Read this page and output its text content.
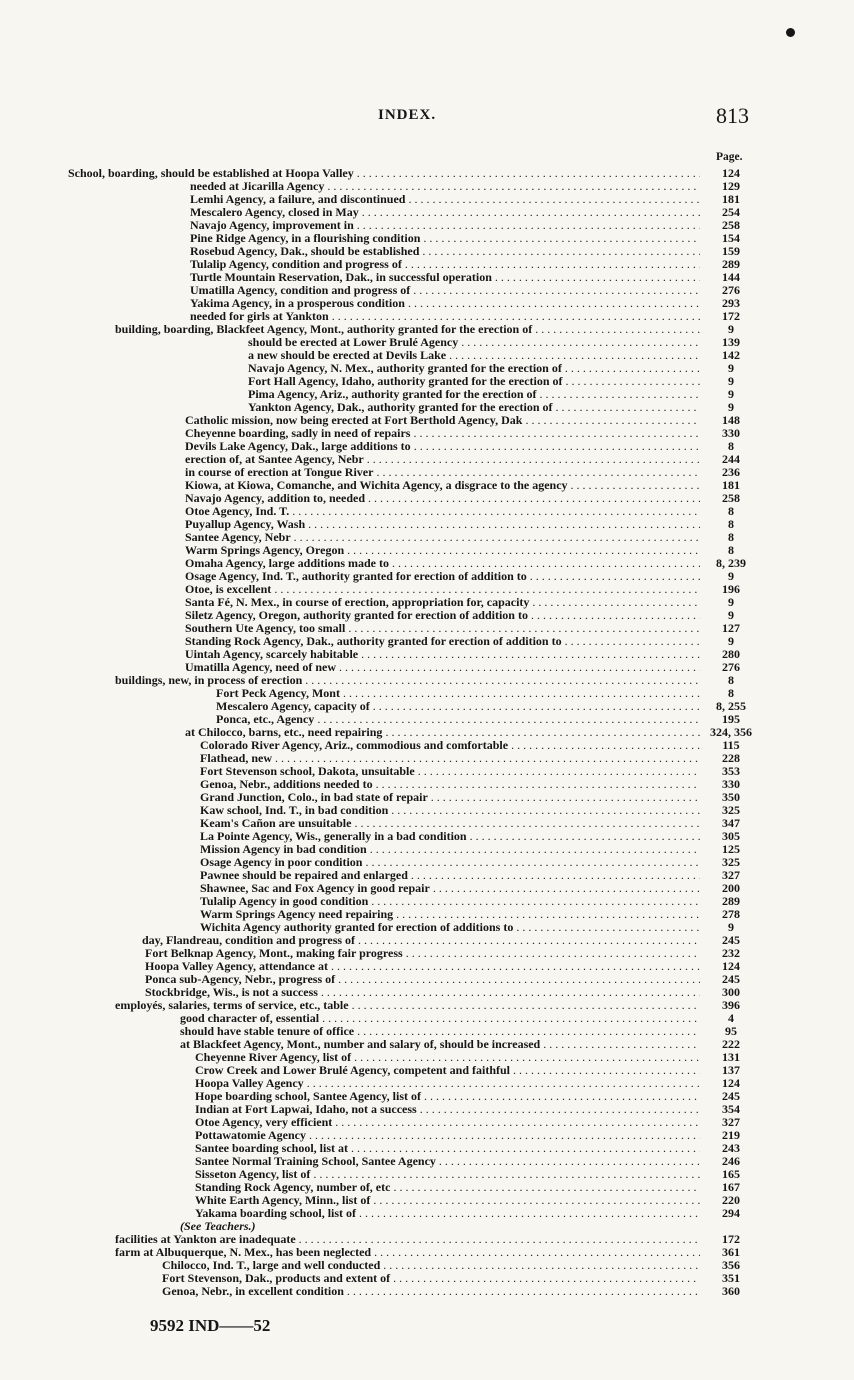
INDEX.	813
Page.
School, boarding, should be established at Hoopa Valley . . .	124
needed at Jicarilla Agency . . .	129
Lemhi Agency, a failure, and discontinued . . .	181
Mescalero Agency, closed in May . . .	254
Navajo Agency, improvement in . . .	258
Pine Ridge Agency, in a flourishing condition . . .	154
Rosebud Agency, Dak., should be established . . .	159
Tulalip Agency, condition and progress of . . .	289
Turtle Mountain Reservation, Dak., in successful operation . . .	144
Umatilla Agency, condition and progress of . . .	276
Yakima Agency, in a prosperous condition . . .	293
needed for girls at Yankton . . .	172
building, boarding, Blackfeet Agency, Mont., authority granted for the erection of . . .	9
should be erected at Lower Brulé Agency . . .	139
a new should be erected at Devils Lake . . .	142
Navajo Agency, N. Mex., authority granted for the erection of . . .	9
Fort Hall Agency, Idaho, authority granted for the erection of . . .	9
Pima Agency, Ariz., authority granted for the erection of . . .	9
Yankton Agency, Dak., authority granted for the erection of . . .	9
Catholic mission, now being erected at Fort Berthold Agency, Dak . . .	148
Cheyenne boarding, sadly in need of repairs . . .	330
Devils Lake Agency, Dak., large additions to . . .	8
erection of, at Santee Agency, Nebr . . .	244
in course of erection at Tongue River . . .	236
Kiowa, at Kiowa, Comanche, and Wichita Agency, a disgrace to the agency . . .	181
Navajo Agency, addition to, needed . . .	258
Otoe Agency, Ind. T. . . .	8
Puyallup Agency, Wash . . .	8
Santee Agency, Nebr . . .	8
Warm Springs Agency, Oregon . . .	8
Omaha Agency, large additions made to . . .	8, 239
Osage Agency, Ind. T., authority granted for erection of addition to . . .	9
Otoe, is excellent . . .	196
Santa Fé, N. Mex., in course of erection, appropriation for, capacity . . .	9
Siletz Agency, Oregon, authority granted for erection of addition to . . .	9
Southern Ute Agency, too small . . .	127
Standing Rock Agency, Dak., authority granted for erection of addition to . . .	9
Uintah Agency, scarcely habitable . . .	280
Umatilla Agency, need of new . . .	276
buildings, new, in process of erection . . .	8
Fort Peck Agency, Mont . . .	8
Mescalero Agency, capacity of . . .	8, 255
Ponca, etc., Agency . . .	195
at Chilocco, barns, etc., need repairing . . .	324, 356
Colorado River Agency, Ariz., commodious and comfortable . . .	115
Flathead, new . . .	228
Fort Stevenson school, Dakota, unsuitable . . .	353
Genoa, Nebr., additions needed to . . .	330
Grand Junction, Colo., in bad state of repair . . .	350
Kaw school, Ind. T., in bad condition . . .	325
Keam's Cañon are unsuitable . . .	347
La Pointe Agency, Wis., generally in a bad condition . . .	305
Mission Agency in bad condition . . .	125
Osage Agency in poor condition . . .	325
Pawnee should be repaired and enlarged . . .	327
Shawnee, Sac and Fox Agency in good repair . . .	200
Tulalip Agency in good condition . . .	289
Warm Springs Agency need repairing . . .	278
Wichita Agency authority granted for erection of additions to . . .	9
day, Flandreau, condition and progress of . . .	245
Fort Belknap Agency, Mont., making fair progress . . .	232
Hoopa Valley Agency, attendance at . . .	124
Ponca sub-Agency, Nebr., progress of . . .	245
Stockbridge, Wis., is not a success . . .	300
employés, salaries, terms of service, etc., table . . .	396
good character of, essential . . .	4
should have stable tenure of office . . .	95
at Blackfeet Agency, Mont., number and salary of, should be increased . . .	222
Cheyenne River Agency, list of . . .	131
Crow Creek and Lower Brulé Agency, competent and faithful . . .	137
Hoopa Valley Agency . . .	124
Hope boarding school, Santee Agency, list of . . .	245
Indian at Fort Lapwai, Idaho, not a success . . .	354
Otoe Agency, very efficient . . .	327
Pottawatomie Agency . . .	219
Santee boarding school, list at . . .	243
Santee Normal Training School, Santee Agency . . .	246
Sisseton Agency, list of . . .	165
Standing Rock Agency, number of, etc . . .	167
White Earth Agency, Minn., list of . . .	220
Yakama boarding school, list of . . .	294
(See Teachers.)
facilities at Yankton are inadequate . . .	172
farm at Albuquerque, N. Mex., has been neglected . . .	361
Chilocco, Ind. T., large and well conducted . . .	356
Fort Stevenson, Dak., products and extent of . . .	351
Genoa, Nebr., in excellent condition . . .	360
9592 IND——52
